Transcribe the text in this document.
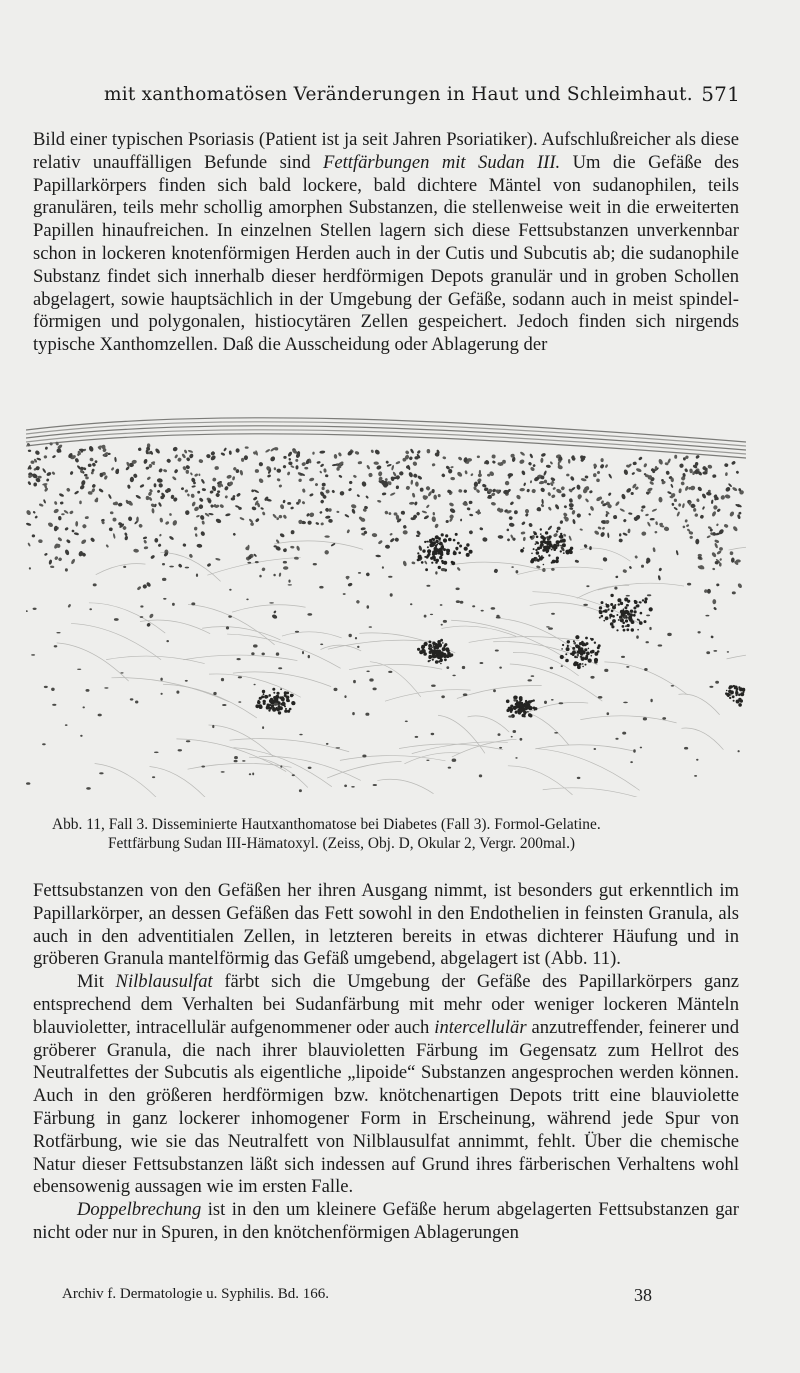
mit xanthomatösen Veränderungen in Haut und Schleimhaut. 571

Bild einer typischen Psoriasis (Patient ist ja seit Jahren Psoriatiker). Aufschlußreicher als diese relativ unauffälligen Befunde sind Fettfärbungen mit Sudan III. Um die Gefäße des Papillarkörpers finden sich bald lockere, bald dichtere Mäntel von sudanophilen, teils granulären, teils mehr schollig amorphen Substanzen, die stellenweise weit in die erweiterten Papillen hinaufreichen. In einzelnen Stellen lagern sich diese Fettsubstanzen unverkennbar schon in lockeren knotenförmigen Herden auch in der Cutis und Subcutis ab; die sudanophile Substanz findet sich innerhalb dieser herdförmigen Depots granulär und in groben Schollen abgelagert, sowie hauptsächlich in der Umgebung der Gefäße, sodann auch in meist spindelförmigen und polygonalen, histiocytären Zellen gespeichert. Jedoch finden sich nirgends typische Xanthomzellen. Daß die Ausscheidung oder Ablagerung der

Abb. 11, Fall 3. Disseminierte Hautxanthomatose bei Diabetes (Fall 3). Formol-Gelatine.
Fettfärbung Sudan III-Hämatoxyl. (Zeiss, Obj. D, Okular 2, Vergr. 200mal.)

Fettsubstanzen von den Gefäßen her ihren Ausgang nimmt, ist besonders gut erkenntlich im Papillarkörper, an dessen Gefäßen das Fett sowohl in den Endothelien in feinsten Granula, als auch in den adventitialen Zellen, in letzteren bereits in etwas dichterer Häufung und in gröberen Granula mantelförmig das Gefäß umgebend, abgelagert ist (Abb. 11).

Mit Nilblausulfat färbt sich die Umgebung der Gefäße des Papillarkörpers ganz entsprechend dem Verhalten bei Sudanfärbung mit mehr oder weniger lockeren Mänteln blauvioletter, intracellulär aufgenommener oder auch intercellulär anzutreffender, feinerer und gröberer Granula, die nach ihrer blauvioletten Färbung im Gegensatz zum Hellrot des Neutralfettes der Subcutis als eigentliche „lipoide“ Substanzen angesprochen werden können. Auch in den größeren herdförmigen bzw. knötchenartigen Depots tritt eine blauviolette Färbung in ganz lockerer inhomogener Form in Erscheinung, während jede Spur von Rotfärbung, wie sie das Neutralfett von Nilblausulfat annimmt, fehlt. Über die chemische Natur dieser Fettsubstanzen läßt sich indessen auf Grund ihres färberischen Verhaltens wohl ebensowenig aussagen wie im ersten Falle.

Doppelbrechung ist in den um kleinere Gefäße herum abgelagerten Fettsubstanzen gar nicht oder nur in Spuren, in den knötchenförmigen Ablagerungen

Archiv f. Dermatologie u. Syphilis. Bd. 166.	38
